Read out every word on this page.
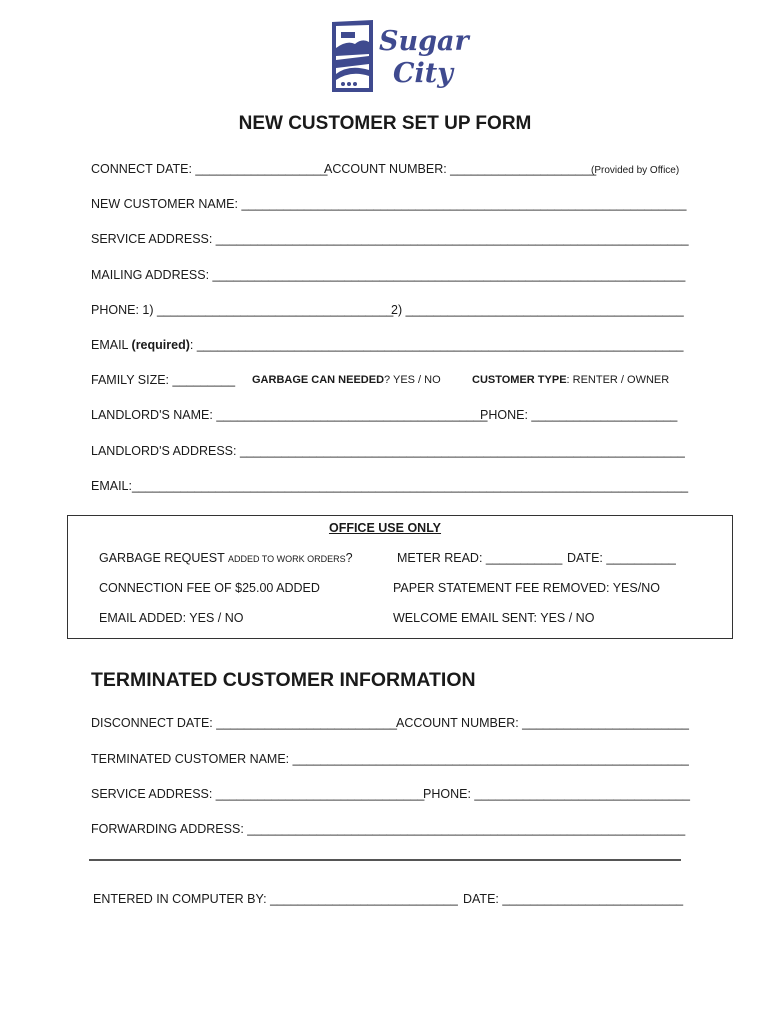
Sugar
City
NEW CUSTOMER SET UP FORM
CONNECT DATE: ___________________
ACCOUNT NUMBER: _____________________
(Provided by Office)
NEW CUSTOMER NAME: ________________________________________________________________
SERVICE ADDRESS: ____________________________________________________________________
MAILING ADDRESS: ____________________________________________________________________
PHONE: 1) __________________________________
2) ________________________________________
EMAIL (required): ______________________________________________________________________
FAMILY SIZE: _________ GARBAGE CAN NEEDED? YES / NO	CUSTOMER TYPE: RENTER / OWNER
LANDLORD'S NAME: _______________________________________
PHONE: _____________________
LANDLORD'S ADDRESS: ________________________________________________________________
EMAIL:________________________________________________________________________________
OFFICE USE ONLY
GARBAGE REQUEST ADDED TO WORK ORDERS?	METER READ: ___________ DATE: __________
CONNECTION FEE OF $25.00 ADDED	PAPER STATEMENT FEE REMOVED: YES/NO
EMAIL ADDED: YES / NO	WELCOME EMAIL SENT: YES / NO
TERMINATED CUSTOMER INFORMATION
DISCONNECT DATE: __________________________ ACCOUNT NUMBER: ________________________
TERMINATED CUSTOMER NAME: _________________________________________________________
SERVICE ADDRESS: ______________________________
PHONE: _______________________________
FORWARDING ADDRESS: _______________________________________________________________
ENTERED IN COMPUTER BY: ___________________________ DATE: __________________________
